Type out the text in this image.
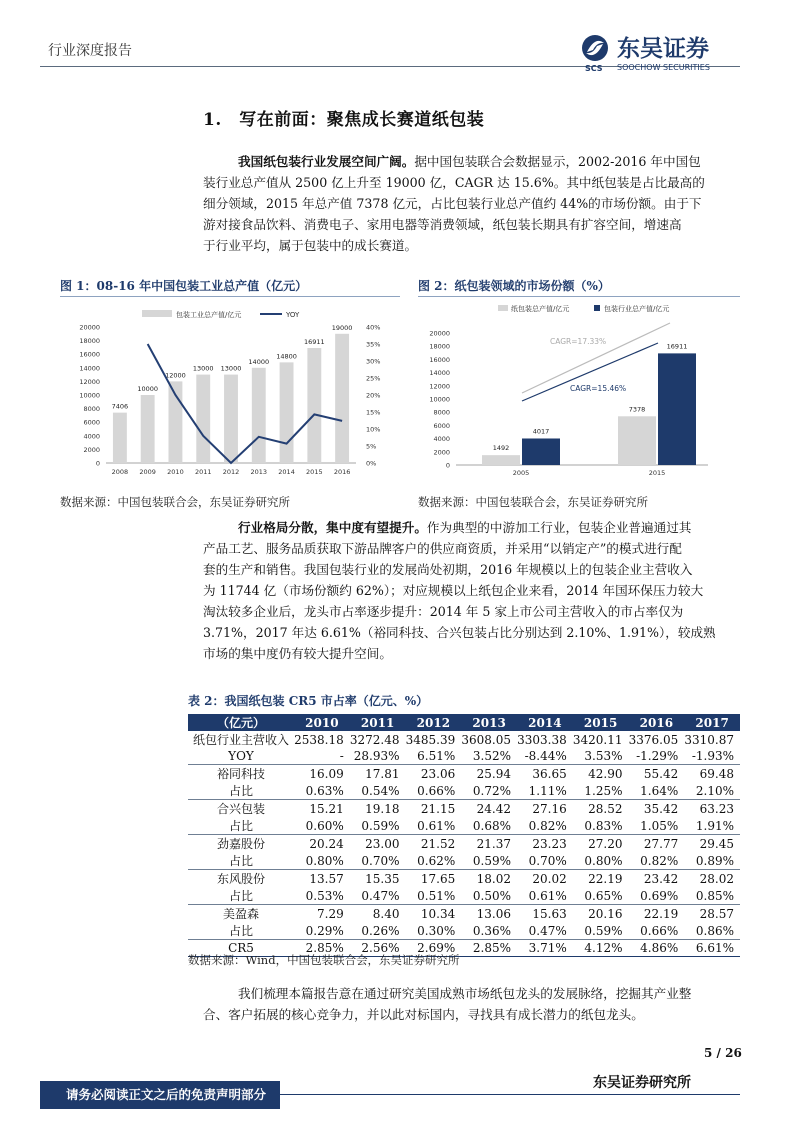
行业深度报告
SCS
东吴证券
SOOCHOW SECURITIES
1.　写在前面：聚焦成长赛道纸包装
我国纸包装行业发展空间广阔。据中国包装联合会数据显示，2002-2016 年中国包
装行业总产值从 2500 亿上升至 19000 亿，CAGR 达 15.6%。其中纸包装是占比最高的
细分领域，2015 年总产值 7378 亿元，占比包装行业总产值约 44%的市场份额。由于下
游对接食品饮料、消费电子、家用电器等消费领域，纸包装长期具有扩容空间，增速高
于行业平均，属于包装中的成长赛道。
图 1：08-16 年中国包装工业总产值（亿元）	图 2：纸包装领域的市场份额（%）
包装工业总产值/亿元	YOY
0
2000
4000
6000
8000
10000
12000
14000
16000
18000
20000
0%
5%
10%
15%
20%
25%
30%
35%
40%
7406
2008
10000
2009
12000
2010
13000
2011
13000
2012
14000
2013
14800
2014
16911
2015
19000
2016
纸包装总产值/亿元	包装行业总产值/亿元
0
2000
4000
6000
8000
10000
12000
14000
16000
18000
20000
1492
4017
2005
7378
16911
2015
CAGR=17.33%
CAGR=15.46%
数据来源：中国包装联合会，东吴证券研究所	数据来源：中国包装联合会，东吴证券研究所
行业格局分散，集中度有望提升。作为典型的中游加工行业，包装企业普遍通过其
产品工艺、服务品质获取下游品牌客户的供应商资质，并采用“以销定产”的模式进行配
套的生产和销售。我国包装行业的发展尚处初期，2016 年规模以上的包装企业主营收入
为 11744 亿（市场份额约 62%）；对应规模以上纸包企业来看，2014 年国环保压力较大
淘汰较多企业后，龙头市占率逐步提升：2014 年 5 家上市公司主营收入的市占率仅为
3.71%，2017 年达 6.61%（裕同科技、合兴包装占比分别达到 2.10%、1.91%），较成熟
市场的集中度仍有较大提升空间。
表 2：我国纸包装 CR5 市占率（亿元、%）
（亿元）	2010	2011	2012	2013	2014	2015	2016	2017
纸包行业主营收入	2538.18	3272.48	3485.39	3608.05	3303.38	3420.11	3376.05	3310.87
YOY	-	28.93%	6.51%	3.52%	-8.44%	3.53%	-1.29%	-1.93%
裕同科技	16.09	17.81	23.06	25.94	36.65	42.90	55.42	69.48
占比	0.63%	0.54%	0.66%	0.72%	1.11%	1.25%	1.64%	2.10%
合兴包装	15.21	19.18	21.15	24.42	27.16	28.52	35.42	63.23
占比	0.60%	0.59%	0.61%	0.68%	0.82%	0.83%	1.05%	1.91%
劲嘉股份	20.24	23.00	21.52	21.37	23.23	27.20	27.77	29.45
占比	0.80%	0.70%	0.62%	0.59%	0.70%	0.80%	0.82%	0.89%
东风股份	13.57	15.35	17.65	18.02	20.02	22.19	23.42	28.02
占比	0.53%	0.47%	0.51%	0.50%	0.61%	0.65%	0.69%	0.85%
美盈森	7.29	8.40	10.34	13.06	15.63	20.16	22.19	28.57
占比	0.29%	0.26%	0.30%	0.36%	0.47%	0.59%	0.66%	0.86%
CR5	2.85%	2.56%	2.69%	2.85%	3.71%	4.12%	4.86%	6.61%
数据来源：Wind，中国包装联合会，东吴证券研究所
我们梳理本篇报告意在通过研究美国成熟市场纸包龙头的发展脉络，挖掘其产业整
合、客户拓展的核心竞争力，并以此对标国内，寻找具有成长潜力的纸包龙头。
5 / 26
东吴证券研究所
请务必阅读正文之后的免责声明部分
